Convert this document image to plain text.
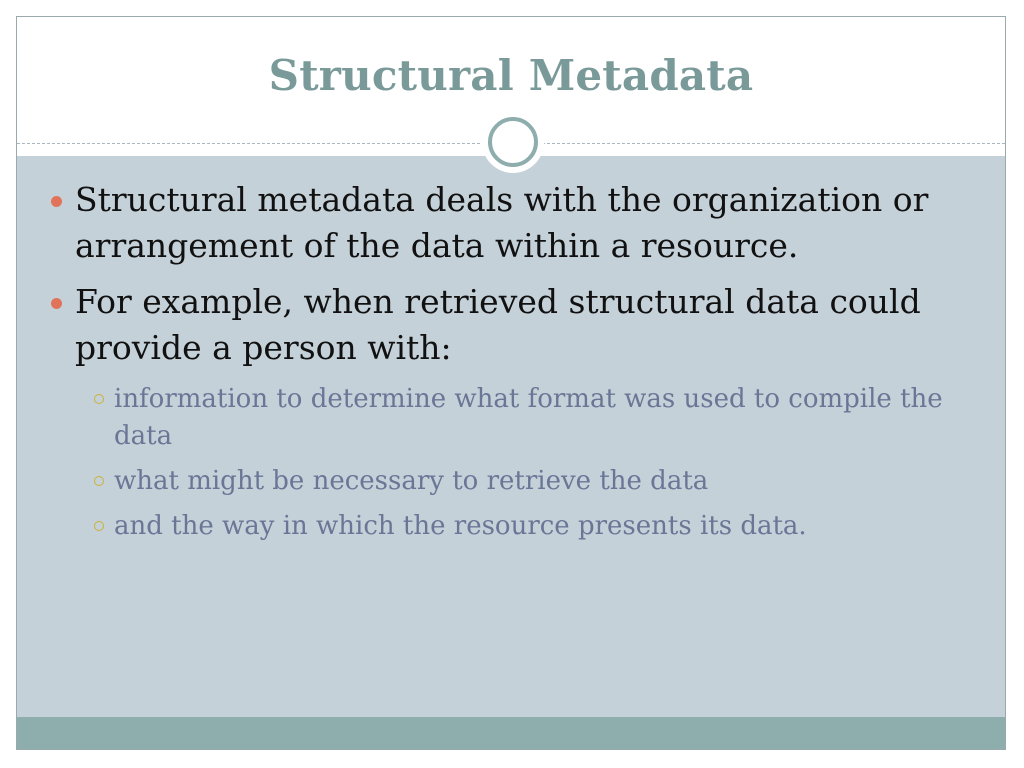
Structural Metadata
Structural metadata deals with the organization or arrangement of the data within a resource.
For example, when retrieved structural data could provide a person with:
information to determine what format was used to compile the data
what might be necessary to retrieve the data
and the way in which the resource presents its data.
